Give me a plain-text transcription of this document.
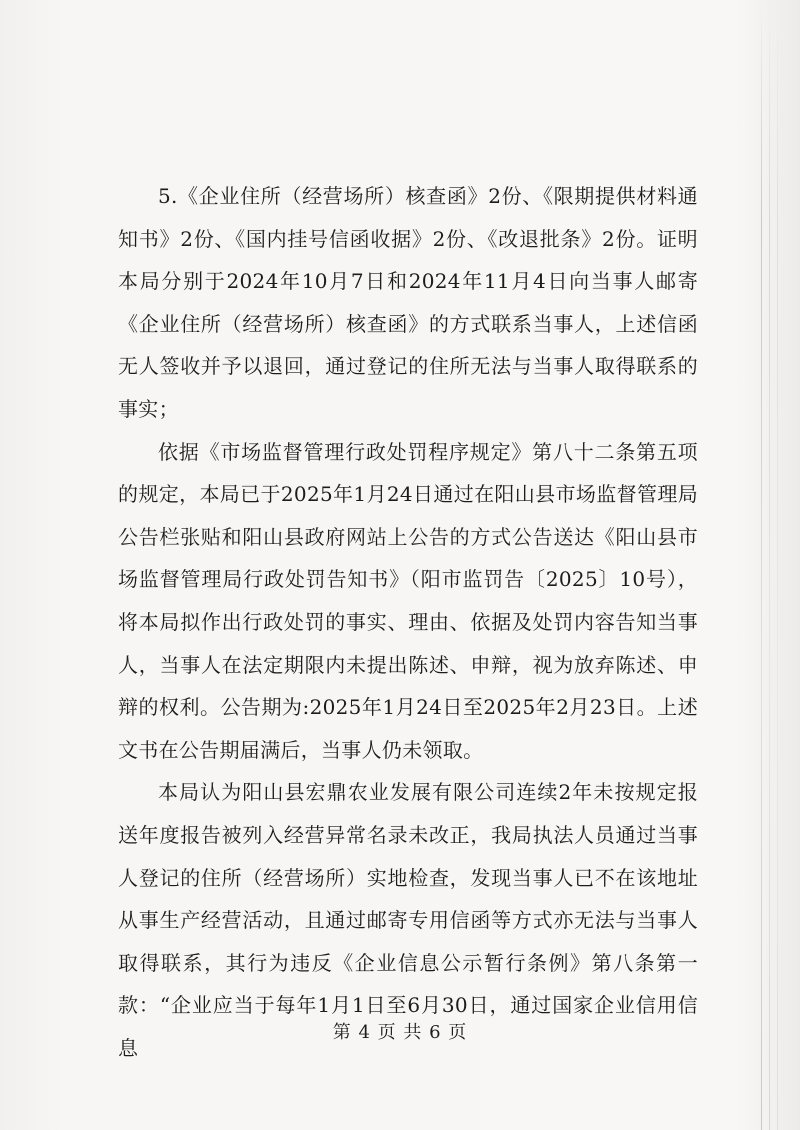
5.《企业住所（经营场所）核查函》2份、《限期提供材料通知书》2份、《国内挂号信函收据》2份、《改退批条》2份。证明本局分别于2024年10月7日和2024年11月4日向当事人邮寄《企业住所（经营场所）核查函》的方式联系当事人，上述信函无人签收并予以退回，通过登记的住所无法与当事人取得联系的事实；

依据《市场监督管理行政处罚程序规定》第八十二条第五项的规定，本局已于2025年1月24日通过在阳山县市场监督管理局公告栏张贴和阳山县政府网站上公告的方式公告送达《阳山县市场监督管理局行政处罚告知书》（阳市监罚告〔2025〕10号），将本局拟作出行政处罚的事实、理由、依据及处罚内容告知当事人，当事人在法定期限内未提出陈述、申辩，视为放弃陈述、申辩的权利。公告期为:2025年1月24日至2025年2月23日。上述文书在公告期届满后，当事人仍未领取。

本局认为阳山县宏鼎农业发展有限公司连续2年未按规定报送年度报告被列入经营异常名录未改正，我局执法人员通过当事人登记的住所（经营场所）实地检查，发现当事人已不在该地址从事生产经营活动，且通过邮寄专用信函等方式亦无法与当事人取得联系，其行为违反《企业信息公示暂行条例》第八条第一款：“企业应当于每年1月1日至6月30日，通过国家企业信用信息

第 4 页 共 6 页
